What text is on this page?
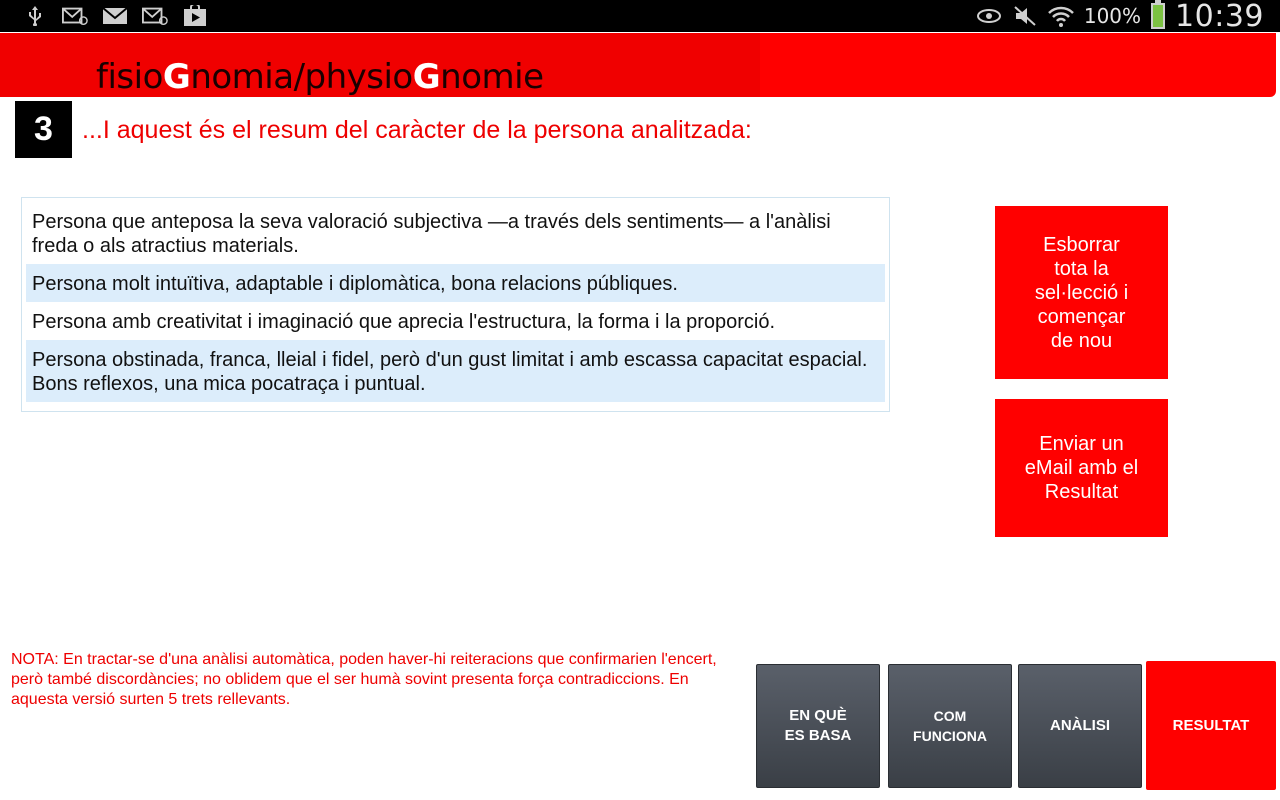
100% 10:39
fisioGnomia/physioGnomie
3	...I aquest és el resum del caràcter de la persona analitzada:
Persona que anteposa la seva valoració subjectiva —a través dels sentiments— a l'anàlisi freda o als atractius materials.
Persona molt intuïtiva, adaptable i diplomàtica, bona relacions públiques.
Persona amb creativitat i imaginació que aprecia l'estructura, la forma i la proporció.
Persona obstinada, franca, lleial i fidel, però d'un gust limitat i amb escassa capacitat espacial. Bons reflexos, una mica pocatraça i puntual.
Esborrar
tota la
sel·lecció i
començar
de nou
Enviar un
eMail amb el
Resultat
NOTA: En tractar-se d'una anàlisi automàtica, poden haver-hi reiteracions que confirmarien l'encert, però també discordàncies; no oblidem que el ser humà sovint presenta força contradiccions. En aquesta versió surten 5 trets rellevants.
EN QUÈ
ES BASA
COM
FUNCIONA
ANÀLISI	RESULTAT
